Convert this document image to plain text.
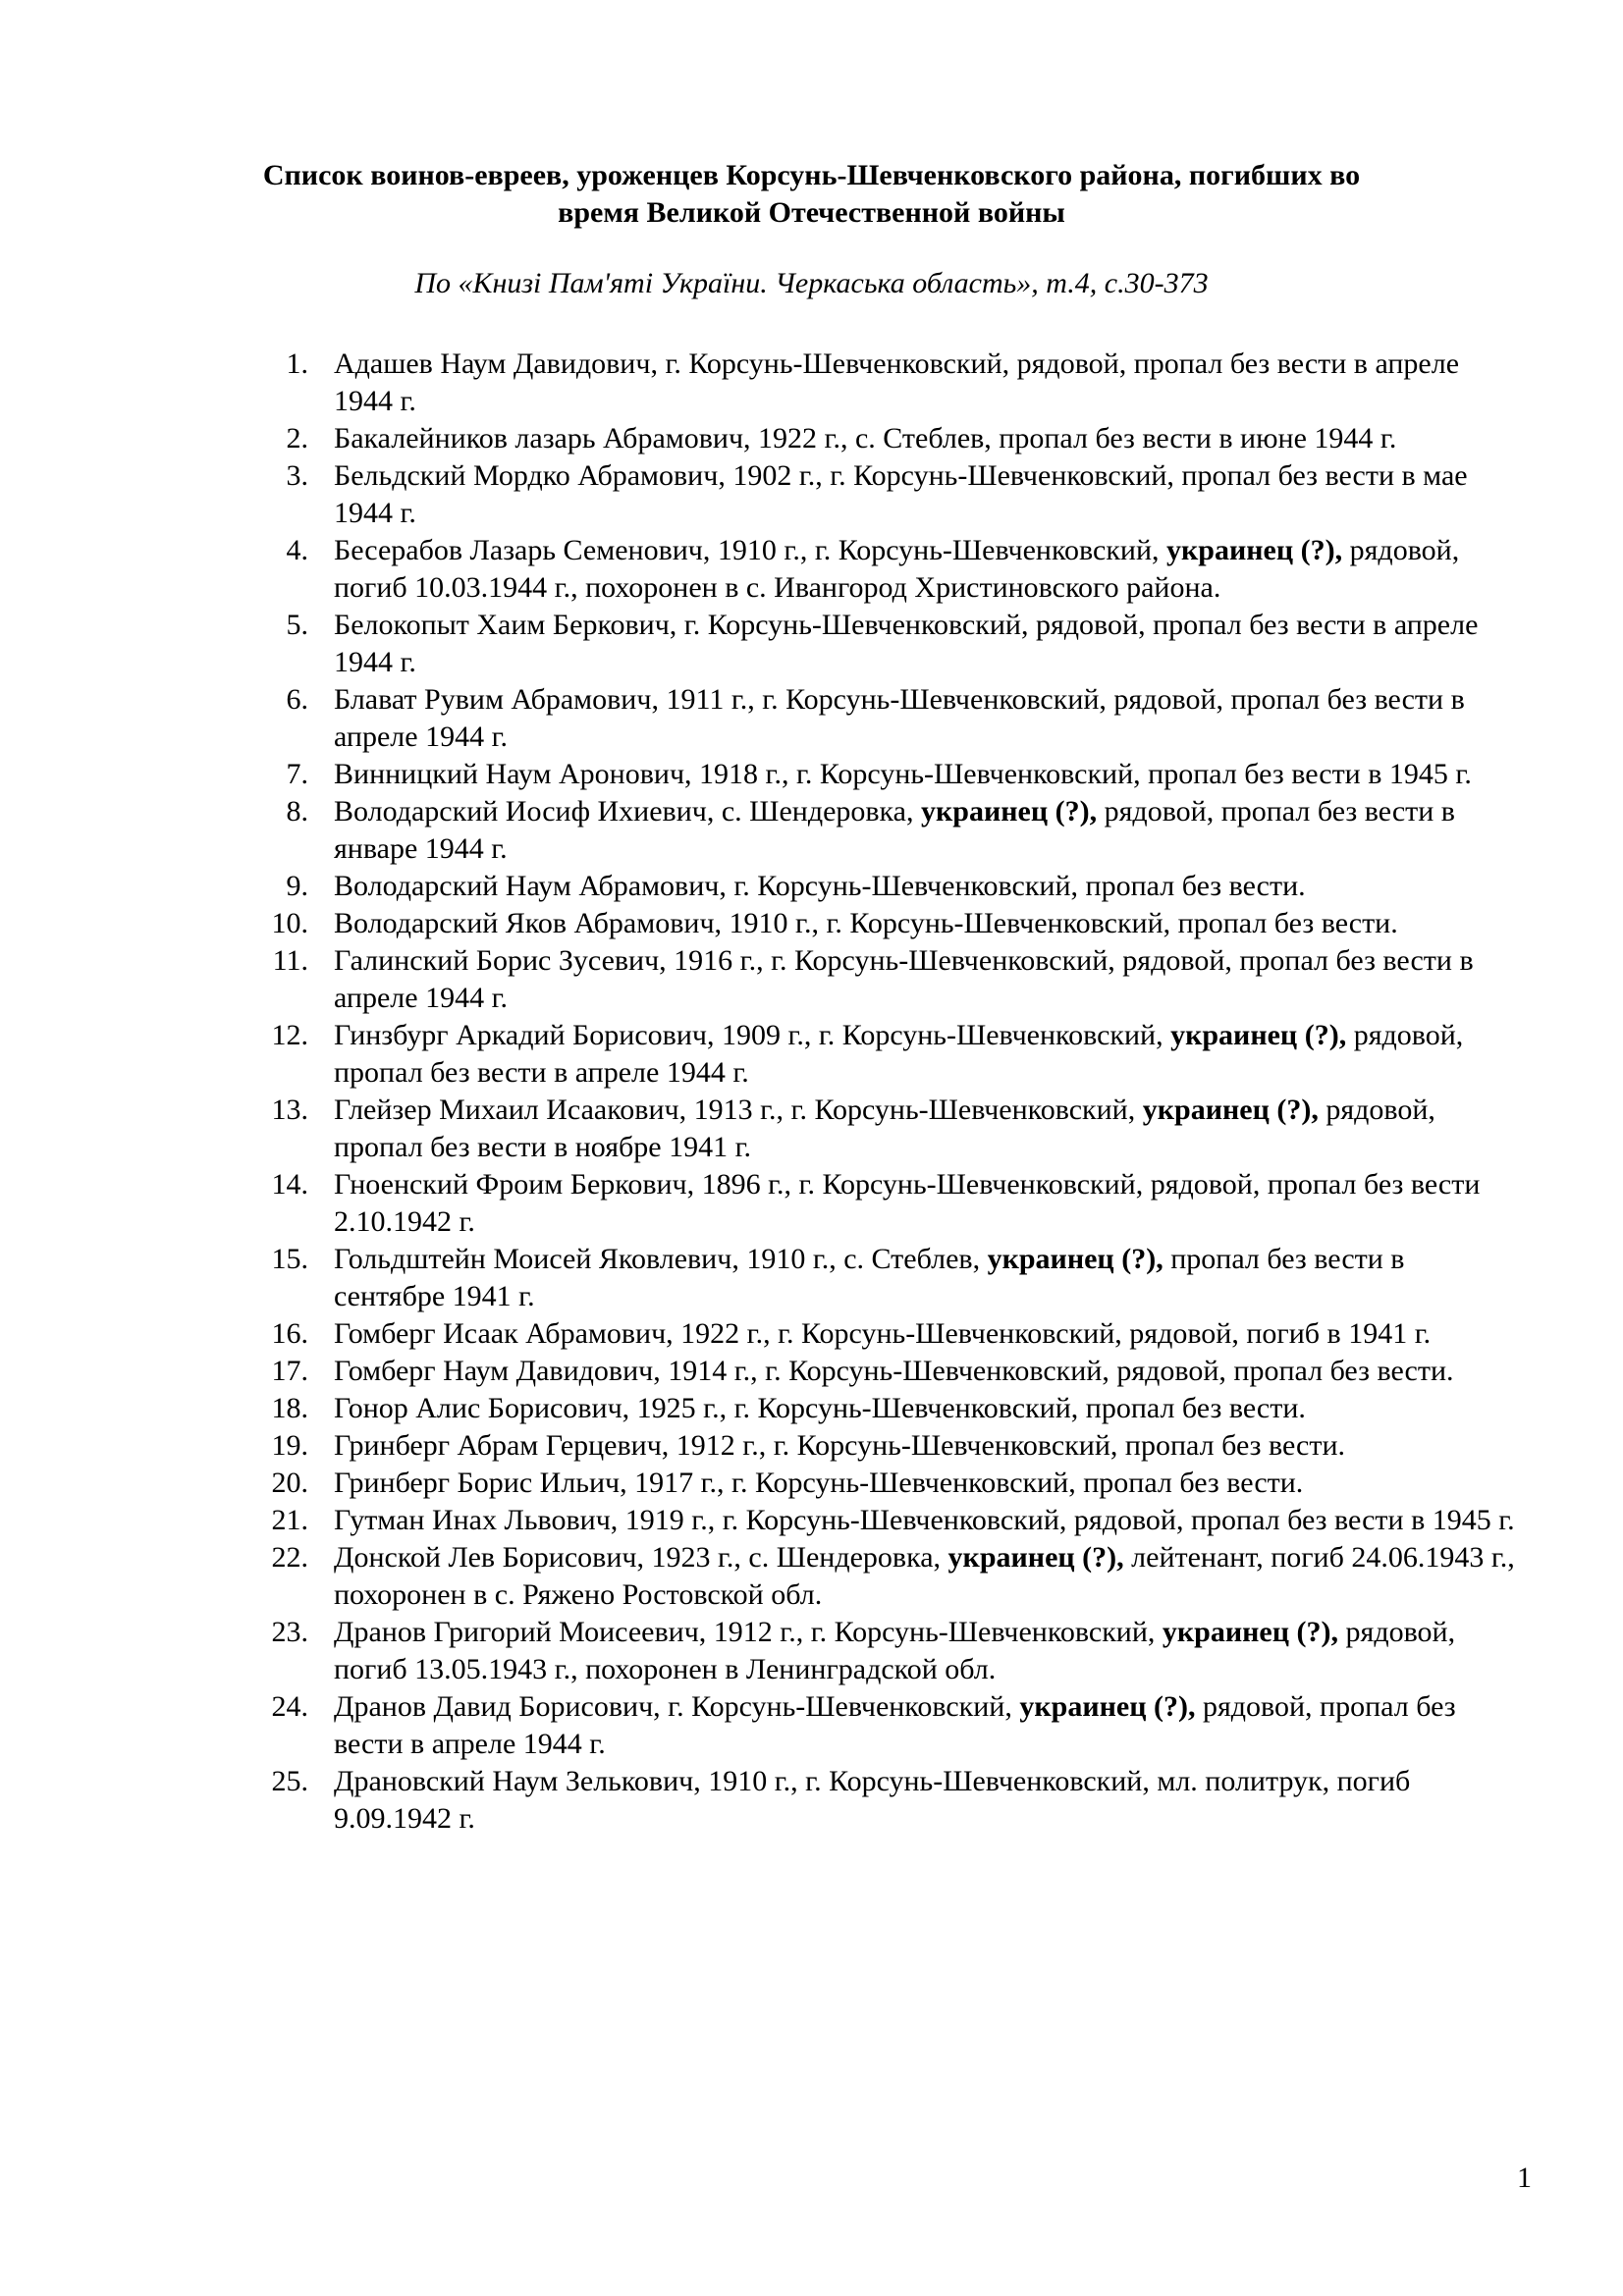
Список воинов-евреев, уроженцев Корсунь-Шевченковского района, погибших во время Великой Отечественной войны
По «Книзі Пам'яті України. Черкаська область», т.4, с.30-373
1. Адашев Наум Давидович, г. Корсунь-Шевченковский, рядовой, пропал без вести в апреле 1944 г.
2. Бакалейников лазарь Абрамович, 1922 г., с. Стеблев, пропал без вести в июне 1944 г.
3. Бельдский Мордко Абрамович, 1902 г., г. Корсунь-Шевченковский, пропал без вести в мае 1944 г.
4. Бесерабов Лазарь Семенович, 1910 г., г. Корсунь-Шевченковский, украинец (?), рядовой, погиб 10.03.1944 г., похоронен в с. Ивангород Христиновского района.
5. Белокопыт Хаим Беркович, г. Корсунь-Шевченковский, рядовой, пропал без вести в апреле 1944 г.
6. Блават Рувим Абрамович, 1911 г., г. Корсунь-Шевченковский, рядовой, пропал без вести в апреле 1944 г.
7. Винницкий Наум Аронович, 1918 г., г. Корсунь-Шевченковский, пропал без вести в 1945 г.
8. Володарский Иосиф Ихиевич, с. Шендеровка, украинец (?), рядовой, пропал без вести в январе 1944 г.
9. Володарский Наум Абрамович, г. Корсунь-Шевченковский, пропал без вести.
10. Володарский Яков Абрамович, 1910 г., г. Корсунь-Шевченковский, пропал без вести.
11. Галинский Борис Зусевич, 1916 г., г. Корсунь-Шевченковский, рядовой, пропал без вести в апреле 1944 г.
12. Гинзбург Аркадий Борисович, 1909 г., г. Корсунь-Шевченковский, украинец (?), рядовой, пропал без вести в апреле 1944 г.
13. Глейзер Михаил Исаакович, 1913 г., г. Корсунь-Шевченковский, украинец (?), рядовой, пропал без вести в ноябре 1941 г.
14. Гноенский Фроим Беркович, 1896 г., г. Корсунь-Шевченковский, рядовой, пропал без вести 2.10.1942 г.
15. Гольдштейн Моисей Яковлевич, 1910 г., с. Стеблев, украинец (?), пропал без вести в сентябре 1941 г.
16. Гомберг Исаак Абрамович, 1922 г., г. Корсунь-Шевченковский, рядовой, погиб в 1941 г.
17. Гомберг Наум Давидович, 1914 г., г. Корсунь-Шевченковский, рядовой, пропал без вести.
18. Гонор Алис Борисович, 1925 г., г. Корсунь-Шевченковский, пропал без вести.
19. Гринберг Абрам Герцевич, 1912 г., г. Корсунь-Шевченковский, пропал без вести.
20. Гринберг Борис Ильич, 1917 г., г. Корсунь-Шевченковский, пропал без вести.
21. Гутман Инах Львович, 1919 г., г. Корсунь-Шевченковский, рядовой, пропал без вести в 1945 г.
22. Донской Лев Борисович, 1923 г., с. Шендеровка, украинец (?), лейтенант, погиб 24.06.1943 г., похоронен в с. Ряжено Ростовской обл.
23. Дранов Григорий Моисеевич, 1912 г., г. Корсунь-Шевченковский, украинец (?), рядовой, погиб 13.05.1943 г., похоронен в Ленинградской обл.
24. Дранов Давид Борисович, г. Корсунь-Шевченковский, украинец (?), рядовой, пропал без вести в апреле 1944 г.
25. Драновский Наум Зелькович, 1910 г., г. Корсунь-Шевченковский, мл. политрук, погиб 9.09.1942 г.
1
